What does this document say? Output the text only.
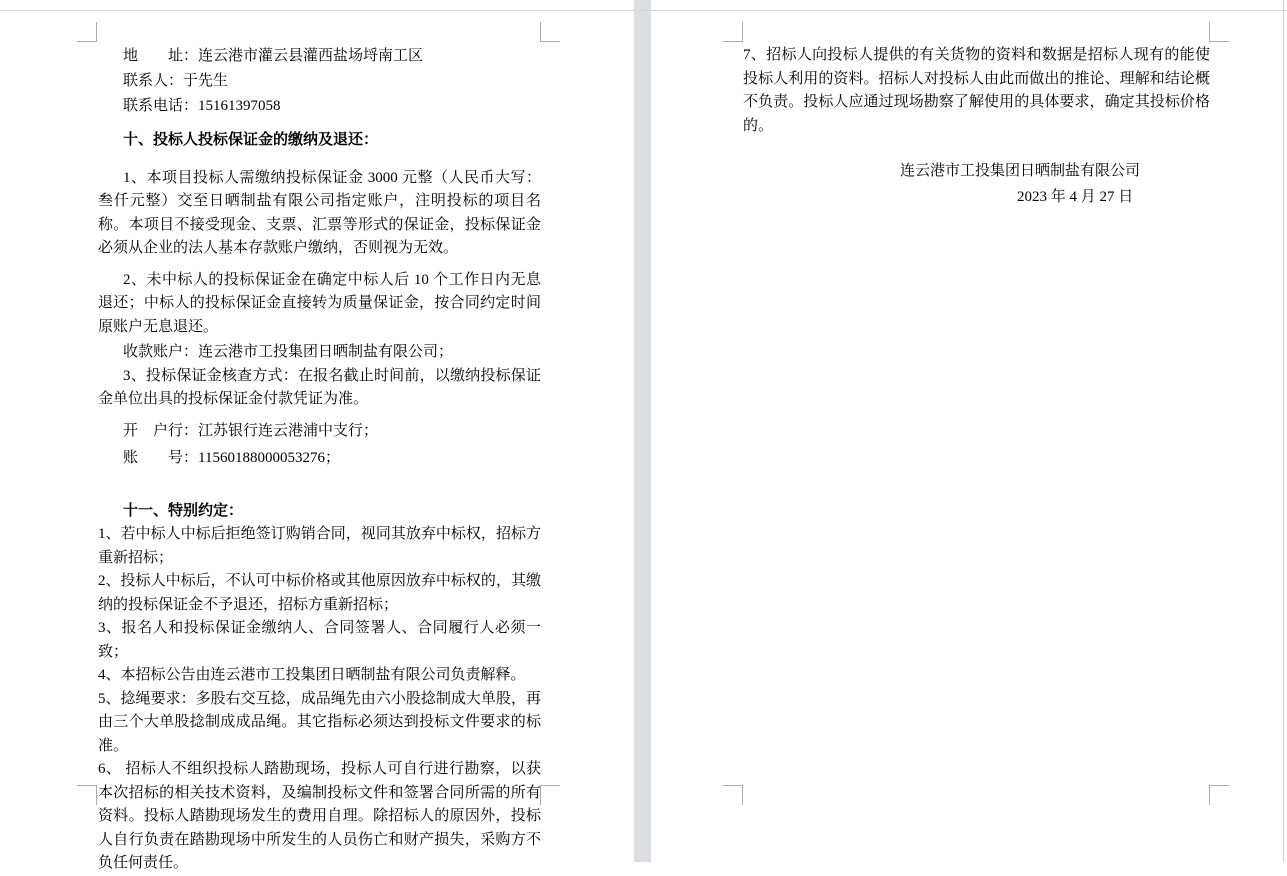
地　　址：连云港市灌云县灌西盐场埒南工区

联系人：于先生

联系电话：15161397058

十、投标人投标保证金的缴纳及退还：

1、本项目投标人需缴纳投标保证金 3000 元整（人民币大写：叁仟元整）交至日晒制盐有限公司指定账户，注明投标的项目名称。本项目不接受现金、支票、汇票等形式的保证金，投标保证金必须从企业的法人基本存款账户缴纳，否则视为无效。

2、未中标人的投标保证金在确定中标人后 10 个工作日内无息退还；中标人的投标保证金直接转为质量保证金，按合同约定时间原账户无息退还。

收款账户：连云港市工投集团日晒制盐有限公司；

3、投标保证金核查方式：在报名截止时间前，以缴纳投标保证金单位出具的投标保证金付款凭证为准。

开　户行：江苏银行连云港浦中支行；

账　　号：11560188000053276；

十一、特别约定：

1、若中标人中标后拒绝签订购销合同，视同其放弃中标权，招标方重新招标；

2、投标人中标后，不认可中标价格或其他原因放弃中标权的，其缴纳的投标保证金不予退还，招标方重新招标；

3、报名人和投标保证金缴纳人、合同签署人、合同履行人必须一致；

4、本招标公告由连云港市工投集团日晒制盐有限公司负责解释。

5、捻绳要求：多股右交互捻，成品绳先由六小股捻制成大单股，再由三个大单股捻制成成品绳。其它指标必须达到投标文件要求的标准。

6、 招标人不组织投标人踏勘现场，投标人可自行进行勘察，以获本次招标的相关技术资料，及编制投标文件和签署合同所需的所有资料。投标人踏勘现场发生的费用自理。除招标人的原因外，投标人自行负责在踏勘现场中所发生的人员伤亡和财产损失，采购方不负任何责任。

7、招标人向投标人提供的有关货物的资料和数据是招标人现有的能使投标人利用的资料。招标人对投标人由此而做出的推论、理解和结论概不负责。投标人应通过现场勘察了解使用的具体要求，确定其投标价格的。

连云港市工投集团日晒制盐有限公司

2023 年 4 月 27 日
